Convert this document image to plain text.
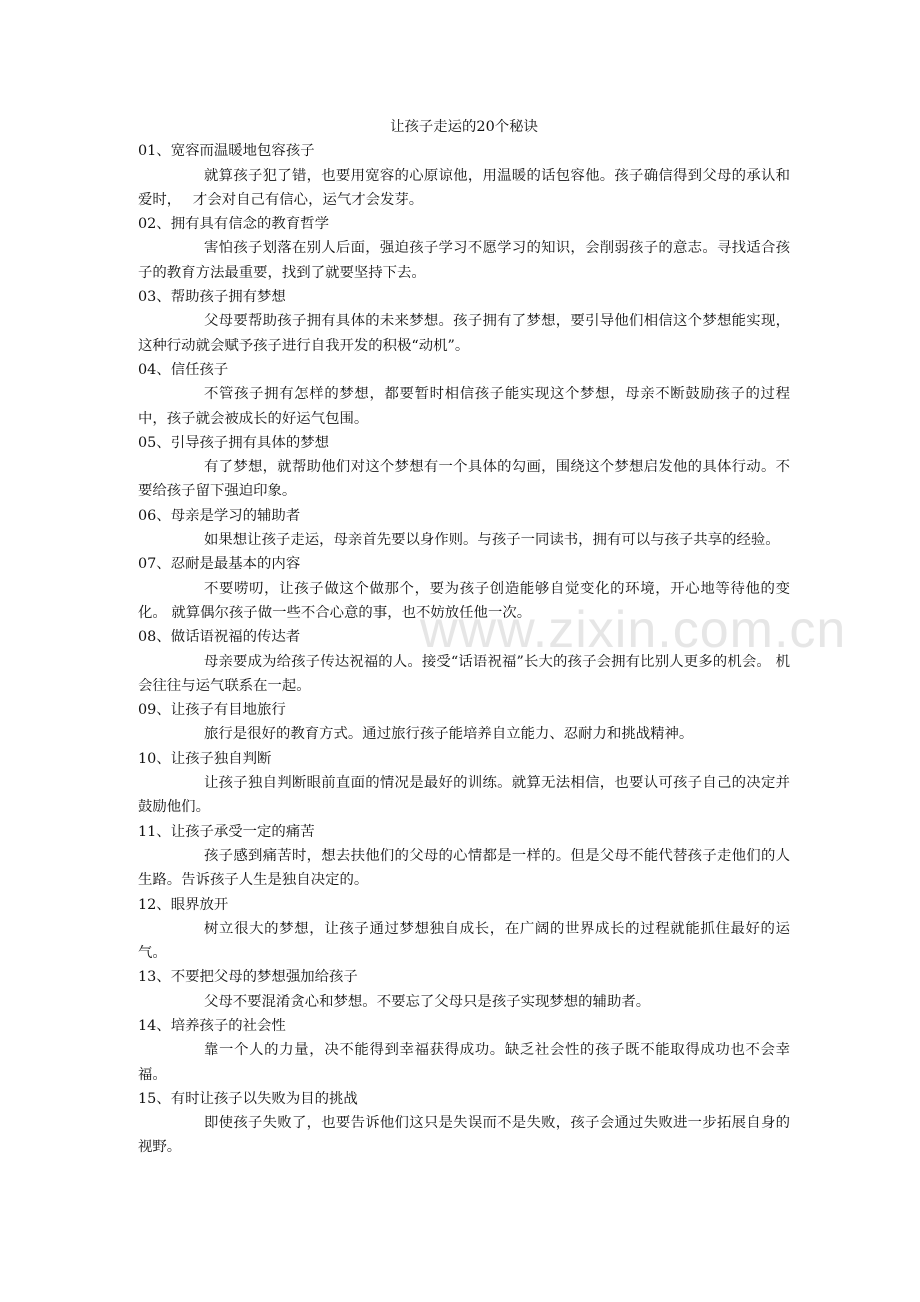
www.zixin.com.cn
让孩子走运的20个秘诀

01、宽容而温暖地包容孩子

就算孩子犯了错，也要用宽容的心原谅他，用温暖的话包容他。孩子确信得到父母的承认和爱时，　 才会对自己有信心，运气才会发芽。

02、拥有具有信念的教育哲学

害怕孩子划落在别人后面，强迫孩子学习不愿学习的知识，会削弱孩子的意志。寻找适合孩子的教育方法最重要，找到了就要坚持下去。

03、帮助孩子拥有梦想

父母要帮助孩子拥有具体的未来梦想。孩子拥有了梦想，要引导他们相信这个梦想能实现，这种行动就会赋予孩子进行自我开发的积极“动机”。

04、信任孩子

不管孩子拥有怎样的梦想，都要暂时相信孩子能实现这个梦想，母亲不断鼓励孩子的过程中，孩子就会被成长的好运气包围。

05、引导孩子拥有具体的梦想

有了梦想，就帮助他们对这个梦想有一个具体的勾画，围绕这个梦想启发他的具体行动。不要给孩子留下强迫印象。

06、母亲是学习的辅助者

如果想让孩子走运，母亲首先要以身作则。与孩子一同读书，拥有可以与孩子共享的经验。

07、忍耐是最基本的内容

不要唠叨，让孩子做这个做那个，要为孩子创造能够自觉变化的环境，开心地等待他的变化。 就算偶尔孩子做一些不合心意的事，也不妨放任他一次。

08、做话语祝福的传达者

母亲要成为给孩子传达祝福的人。接受“话语祝福”长大的孩子会拥有比别人更多的机会。 机会往往与运气联系在一起。

09、让孩子有目地旅行

旅行是很好的教育方式。通过旅行孩子能培养自立能力、忍耐力和挑战精神。

10、让孩子独自判断

让孩子独自判断眼前直面的情况是最好的训练。就算无法相信，也要认可孩子自己的决定并鼓励他们。

11、让孩子承受一定的痛苦

孩子感到痛苦时，想去扶他们的父母的心情都是一样的。但是父母不能代替孩子走他们的人生路。告诉孩子人生是独自决定的。

12、眼界放开

树立很大的梦想，让孩子通过梦想独自成长，在广阔的世界成长的过程就能抓住最好的运气。

13、不要把父母的梦想强加给孩子

父母不要混淆贪心和梦想。不要忘了父母只是孩子实现梦想的辅助者。

14、培养孩子的社会性

靠一个人的力量，决不能得到幸福获得成功。缺乏社会性的孩子既不能取得成功也不会幸福。

15、有时让孩子以失败为目的挑战

即使孩子失败了，也要告诉他们这只是失误而不是失败，孩子会通过失败进一步拓展自身的视野。
